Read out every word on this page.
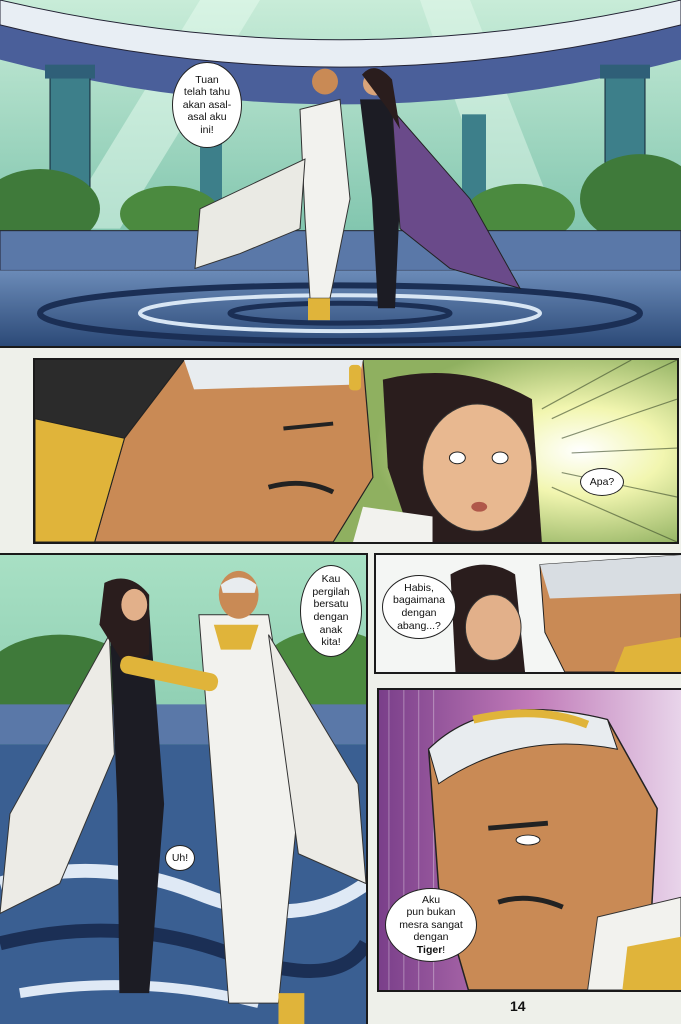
Tuan
telah tahu
akan asal-
asal aku
ini!
Apa?
Kau
pergilah
bersatu
dengan
anak
kita!
Uh!
Habis,
bagaimana
dengan
abang...?
Aku
pun bukan
mesra sangat
dengan
Tiger!
14
